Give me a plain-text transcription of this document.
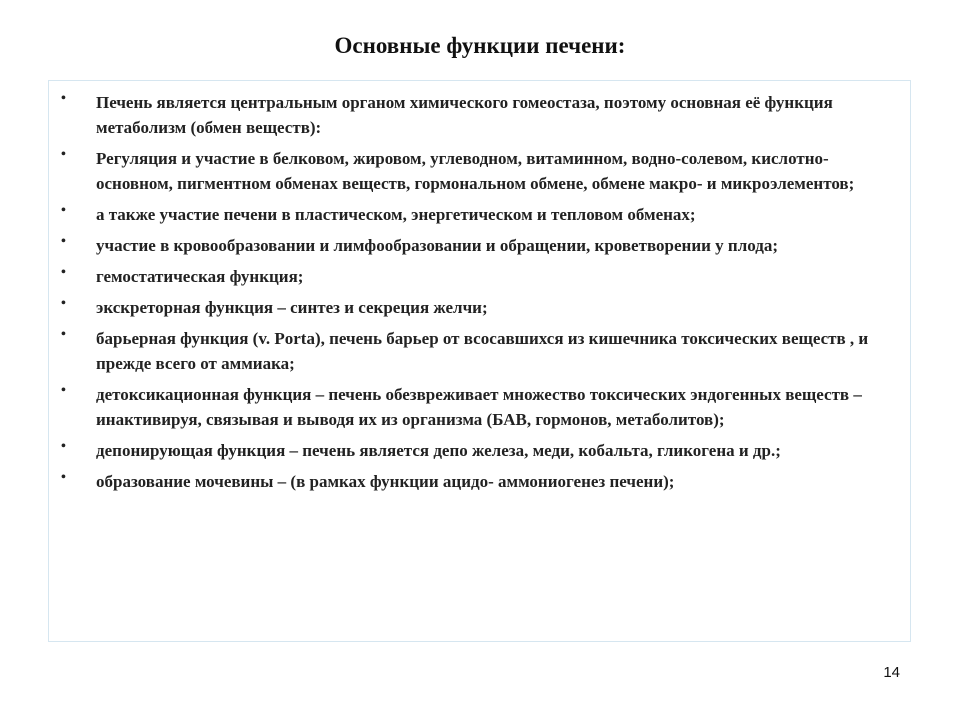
Основные функции печени:
• Печень является центральным органом химического гомеостаза, поэтому основная её функция метаболизм (обмен веществ):
• Регуляция и участие в белковом, жировом, углеводном, витаминном, водно-солевом, кислотно-основном, пигментном обменах веществ, гормональном обмене, обмене макро- и микроэлементов;
• а также участие печени в пластическом, энергетическом и тепловом обменах;
• участие в кровообразовании и лимфообразовании и обращении, кроветворении у плода;
• гемостатическая функция;
• экскреторная функция – синтез и секреция желчи;
• барьерная функция (v. Porta), печень барьер от всосавшихся из кишечника токсических веществ , и прежде всего от аммиака;
• детоксикационная функция – печень обезвреживает множество токсических эндогенных веществ – инактивируя, связывая и выводя их из организма (БАВ, гормонов, метаболитов);
• депонирующая функция – печень является депо железа, меди, кобальта, гликогена и др.;
• образование мочевины – (в рамках функции ацидо- аммониогенез печени);
14
